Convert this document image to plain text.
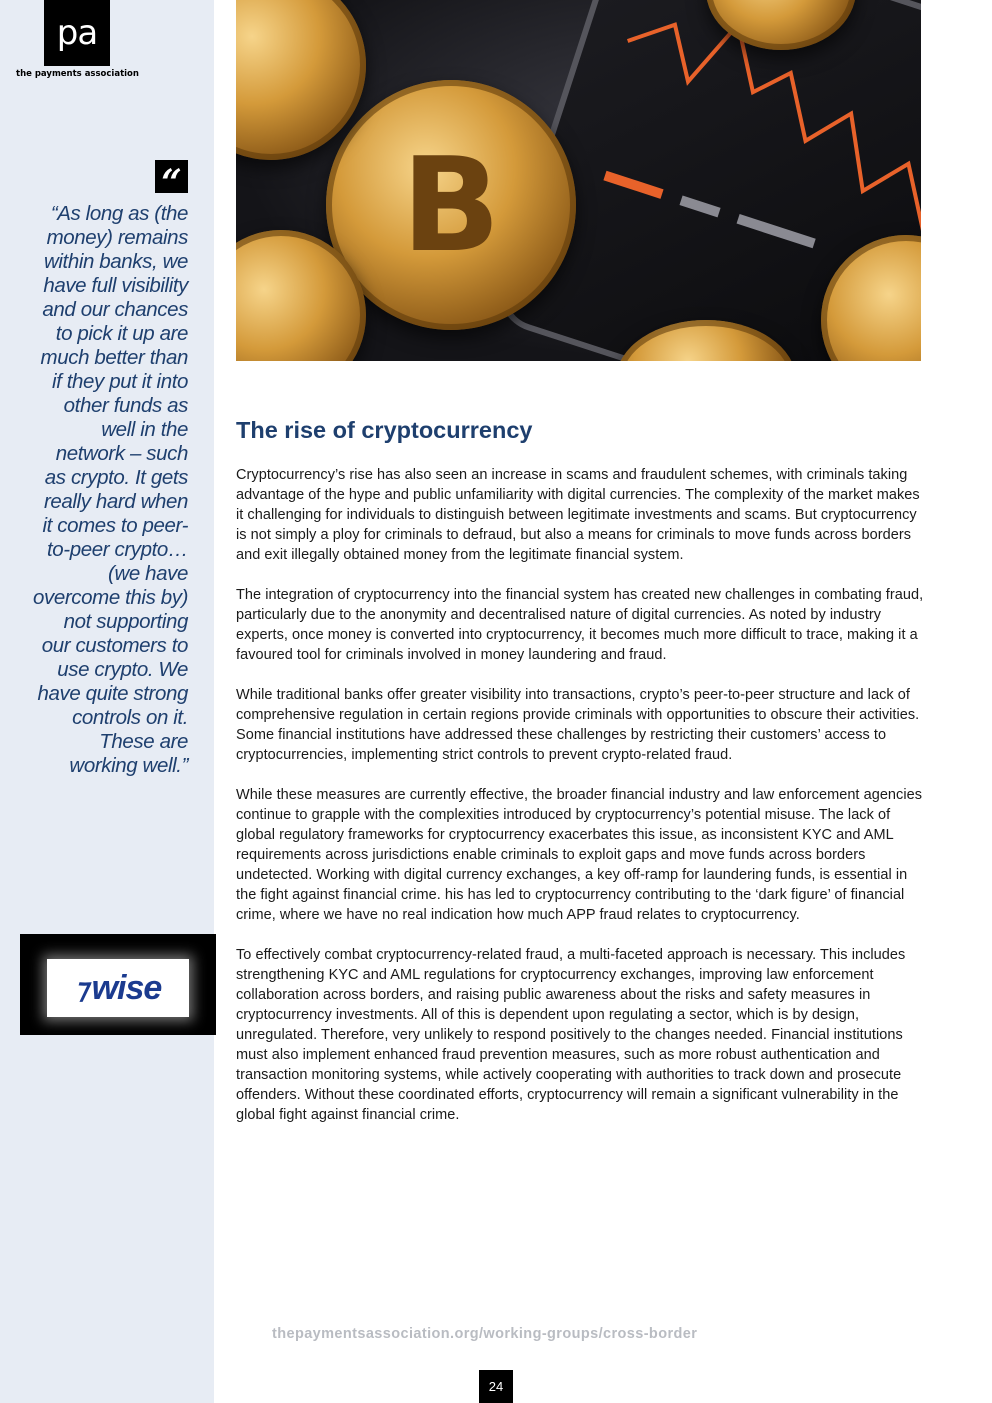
pa
the payments association
“
“As long as (the money) remains within banks, we have full visibility and our chances to pick it up are much better than if they put it into other funds as well in the network – such as crypto. It gets really hard when it comes to peer-to-peer crypto…(we have overcome this by) not supporting our customers to use crypto. We have quite strong controls on it. These are working well.”
⁊ wise
B
The rise of cryptocurrency

Cryptocurrency’s rise has also seen an increase in scams and fraudulent schemes, with criminals taking advantage of the hype and public unfamiliarity with digital currencies. The complexity of the market makes it challenging for individuals to distinguish between legitimate investments and scams. But cryptocurrency is not simply a ploy for criminals to defraud, but also a means for criminals to move funds across borders and exit illegally obtained money from the legitimate financial system.

The integration of cryptocurrency into the financial system has created new challenges in combating fraud, particularly due to the anonymity and decentralised nature of digital currencies. As noted by industry experts, once money is converted into cryptocurrency, it becomes much more difficult to trace, making it a favoured tool for criminals involved in money laundering and fraud.

While traditional banks offer greater visibility into transactions, crypto’s peer-to-peer structure and lack of comprehensive regulation in certain regions provide criminals with opportunities to obscure their activities. Some financial institutions have addressed these challenges by restricting their customers’ access to cryptocurrencies, implementing strict controls to prevent crypto-related fraud.

While these measures are currently effective, the broader financial industry and law enforcement agencies continue to grapple with the complexities introduced by cryptocurrency’s potential misuse. The lack of global regulatory frameworks for cryptocurrency exacerbates this issue, as inconsistent KYC and AML requirements across jurisdictions enable criminals to exploit gaps and move funds across borders undetected. Working with digital currency exchanges, a key off-ramp for laundering funds, is essential in the fight against financial crime. his has led to cryptocurrency contributing to the ‘dark figure’ of financial crime, where we have no real indication how much APP fraud relates to cryptocurrency.

To effectively combat cryptocurrency-related fraud, a multi-faceted approach is necessary. This includes strengthening KYC and AML regulations for cryptocurrency exchanges, improving law enforcement collaboration across borders, and raising public awareness about the risks and safety measures in cryptocurrency investments. All of this is dependent upon regulating a sector, which is by design, unregulated. Therefore, very unlikely to respond positively to the changes needed. Financial institutions must also implement enhanced fraud prevention measures, such as more robust authentication and transaction monitoring systems, while actively cooperating with authorities to track down and prosecute offenders. Without these coordinated efforts, cryptocurrency will remain a significant vulnerability in the global fight against financial crime.

thepaymentsassociation.org/working-groups/cross-border
24
